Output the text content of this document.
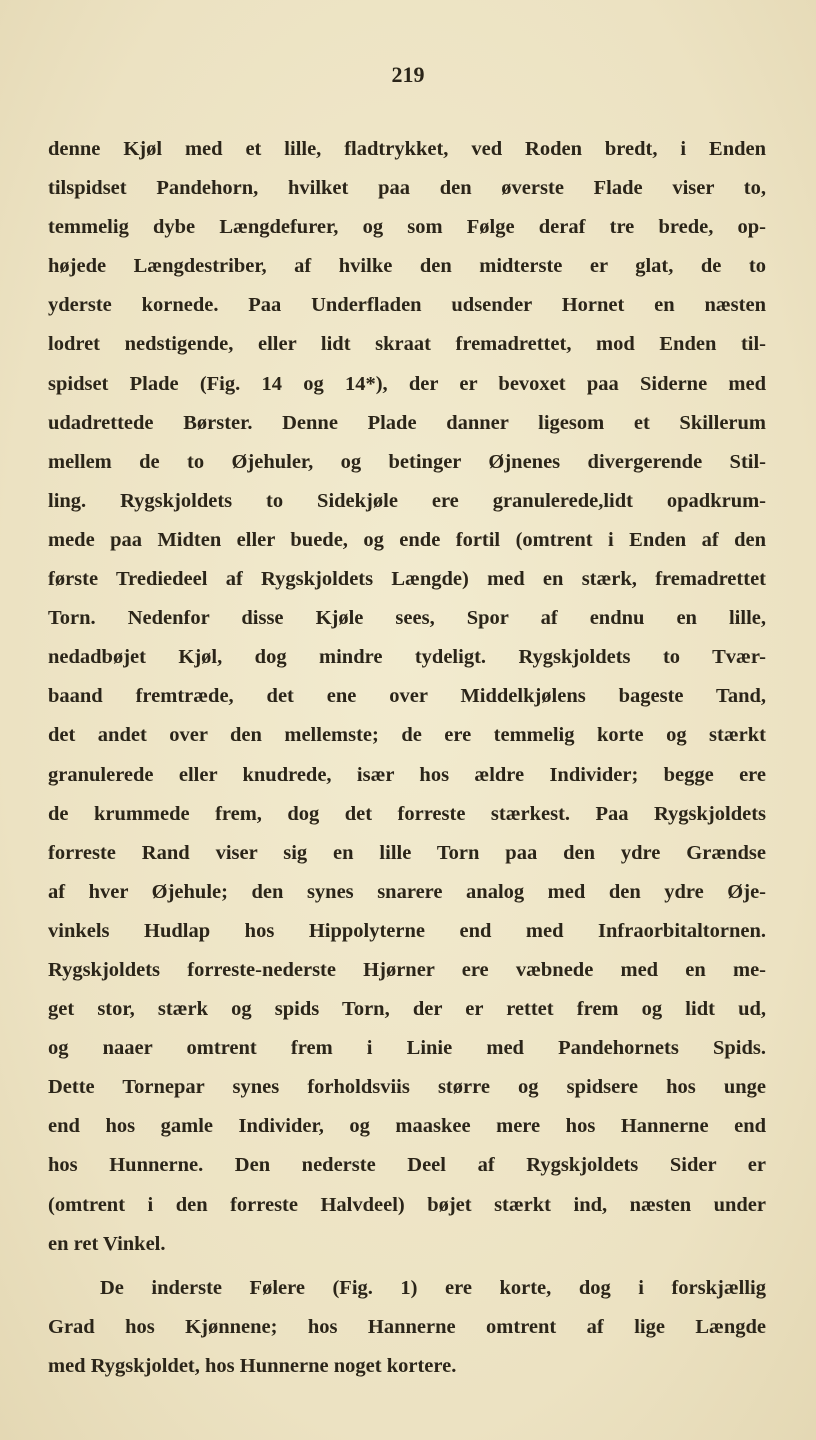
219
denne Kjøl med et lille, fladtrykket, ved Roden bredt, i Enden
tilspidset Pandehorn, hvilket paa den øverste Flade viser to,
temmelig dybe Længdefurer, og som Følge deraf tre brede, op-
højede Længdestriber, af hvilke den midterste er glat, de to
yderste kornede. Paa Underfladen udsender Hornet en næsten
lodret nedstigende, eller lidt skraat fremadrettet, mod Enden til-
spidset Plade (Fig. 14 og 14*), der er bevoxet paa Siderne med
udadrettede Børster. Denne Plade danner ligesom et Skillerum
mellem de to Øjehuler, og betinger Øjnenes divergerende Stil-
ling. Rygskjoldets to Sidekjøle ere granulerede,lidt opadkrum-
mede paa Midten eller buede, og ende fortil (omtrent i Enden af den
første Trediedeel af Rygskjoldets Længde) med en stærk, fremadrettet
Torn. Nedenfor disse Kjøle sees, Spor af endnu en lille,
nedadbøjet Kjøl, dog mindre tydeligt. Rygskjoldets to Tvær-
baand fremtræde, det ene over Middelkjølens bageste Tand,
det andet over den mellemste; de ere temmelig korte og stærkt
granulerede eller knudrede, især hos ældre Individer; begge ere
de krummede frem, dog det forreste stærkest. Paa Rygskjoldets
forreste Rand viser sig en lille Torn paa den ydre Grændse
af hver Øjehule; den synes snarere analog med den ydre Øje-
vinkels Hudlap hos Hippolyterne end med Infraorbitaltornen.
Rygskjoldets forreste-nederste Hjørner ere væbnede med en me-
get stor, stærk og spids Torn, der er rettet frem og lidt ud,
og naaer omtrent frem i Linie med Pandehornets Spids.
Dette Tornepar synes forholdsviis større og spidsere hos unge
end hos gamle Individer, og maaskee mere hos Hannerne end
hos Hunnerne. Den nederste Deel af Rygskjoldets Sider er
(omtrent i den forreste Halvdeel) bøjet stærkt ind, næsten under
en ret Vinkel.
De inderste Følere (Fig. 1) ere korte, dog i forskjællig
Grad hos Kjønnene; hos Hannerne omtrent af lige Længde
med Rygskjoldet, hos Hunnerne noget kortere.
